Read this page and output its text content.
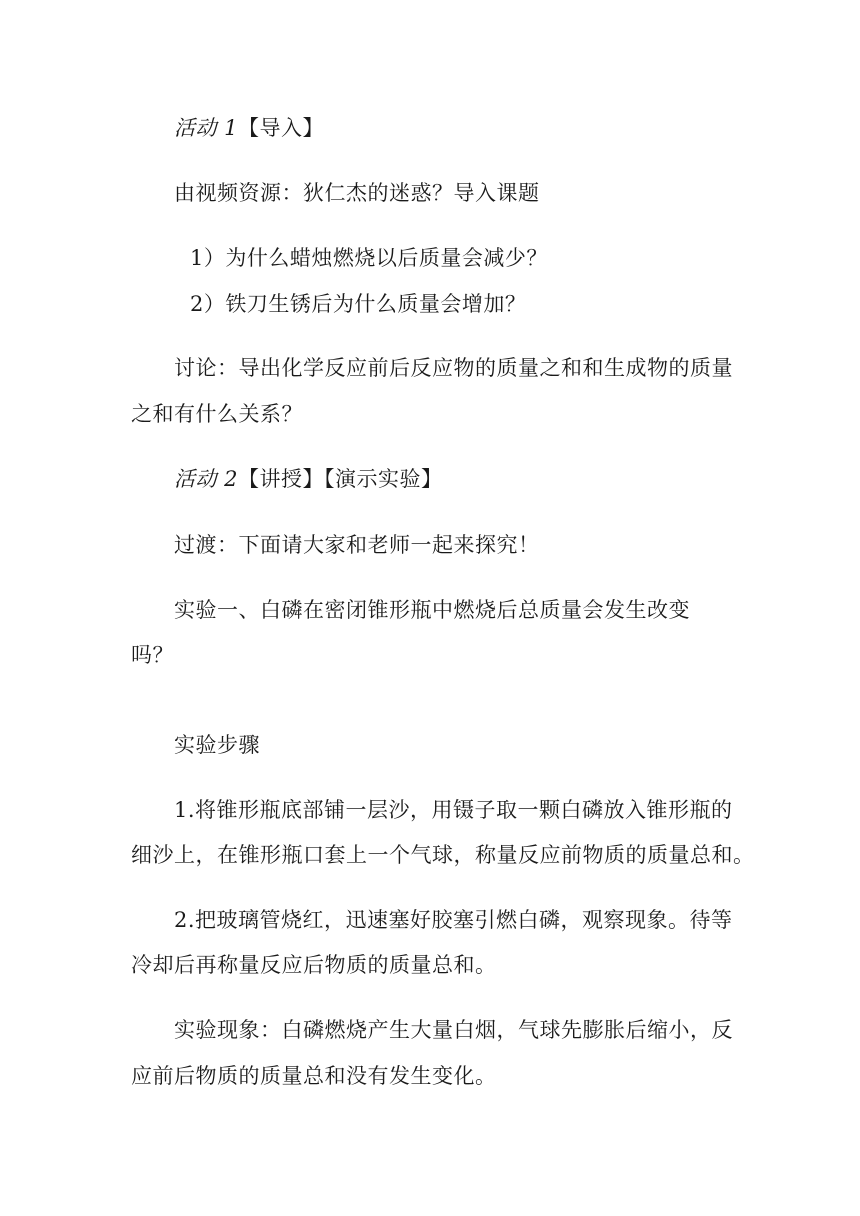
活动 1【导入】
由视频资源：狄仁杰的迷惑？导入课题
1）为什么蜡烛燃烧以后质量会减少？
2）铁刀生锈后为什么质量会增加？
讨论：导出化学反应前后反应物的质量之和和生成物的质量
之和有什么关系？
活动 2【讲授】【演示实验】
过渡：下面请大家和老师一起来探究！
实验一、白磷在密闭锥形瓶中燃烧后总质量会发生改变
吗？
实验步骤
1.将锥形瓶底部铺一层沙，用镊子取一颗白磷放入锥形瓶的
细沙上，在锥形瓶口套上一个气球，称量反应前物质的质量总和。
2.把玻璃管烧红，迅速塞好胶塞引燃白磷，观察现象。待等
冷却后再称量反应后物质的质量总和。
实验现象：白磷燃烧产生大量白烟，气球先膨胀后缩小，反
应前后物质的质量总和没有发生变化。
